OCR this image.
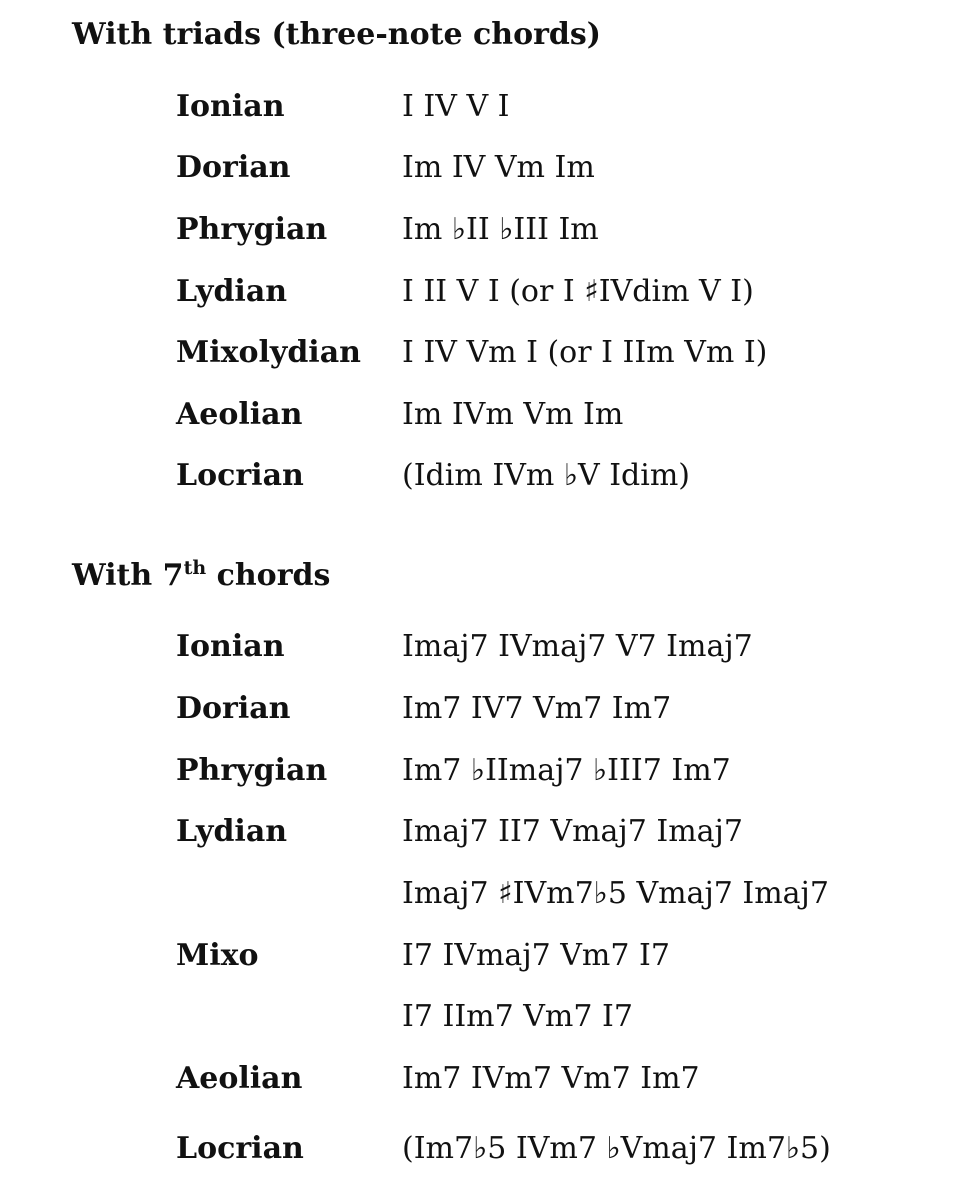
With triads (three-note chords)
Ionian	I IV V I
Dorian	Im IV Vm Im
Phrygian Im ♭II ♭III Im
Lydian	I II V I (or I ♯IVdim V I)
Mixolydian I IV Vm I (or I IIm Vm I)
Aeolian	Im IVm Vm Im
Locrian	(Idim IVm ♭V Idim)
With 7th chords
Ionian	Imaj7 IVmaj7 V7 Imaj7
Dorian	Im7 IV7 Vm7 Im7
Phrygian Im7 ♭IImaj7 ♭III7 Im7
Lydian	Imaj7 II7 Vmaj7 Imaj7
Imaj7 ♯IVm7♭5 Vmaj7 Imaj7
Mixo	I7 IVmaj7 Vm7 I7
I7 IIm7 Vm7 I7
Aeolian	Im7 IVm7 Vm7 Im7
Locrian	(Im7♭5 IVm7 ♭Vmaj7 Im7♭5)
